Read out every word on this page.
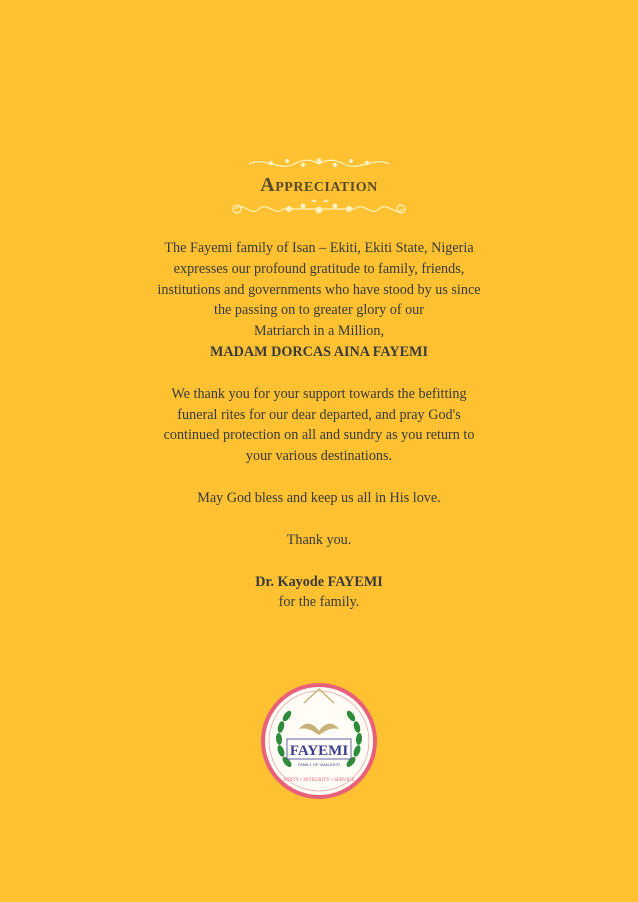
Appreciation

The Fayemi family of Isan – Ekiti, Ekiti State, Nigeria

expresses our profound gratitude to family, friends,

institutions and governments who have stood by us since

the passing on to greater glory of our

Matriarch in a Million,

MADAM DORCAS AINA FAYEMI

We thank you for your support towards the befitting

funeral rites for our dear departed, and pray God's

continued protection on all and sundry as you return to

your various destinations.

May God bless and keep us all in His love.

Thank you.

Dr. Kayode FAYEMI

for the family.

FAYEMI
FAMILY OF ISAN-EKITI
UNITY • INTEGRITY • SERVICE
